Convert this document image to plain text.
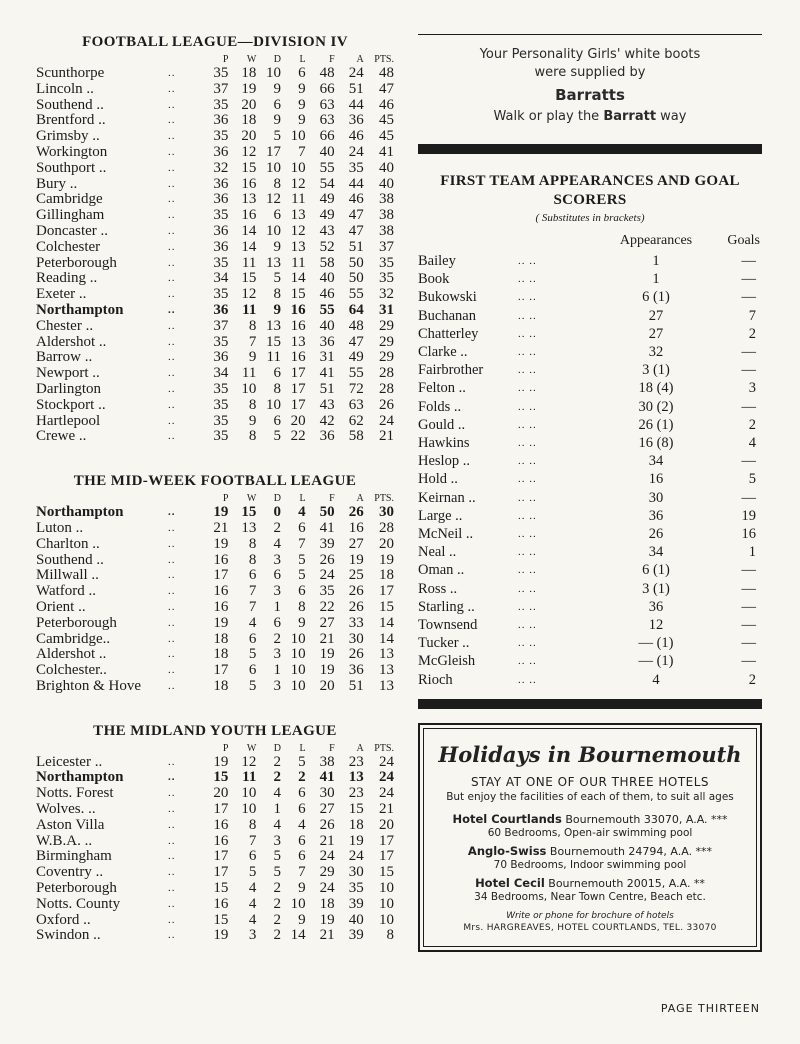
FOOTBALL LEAGUE—DIVISION IV
		P	W	D	L	F	A	PTS.
Scunthorpe	..	35	18	10	6	48	24	48
Lincoln ..	..	37	19	9	9	66	51	47
Southend ..	..	35	20	6	9	63	44	46
Brentford ..	..	36	18	9	9	63	36	45
Grimsby ..	..	35	20	5	10	66	46	45
Workington	..	36	12	17	7	40	24	41
Southport ..	..	32	15	10	10	55	35	40
Bury ..	..	36	16	8	12	54	44	40
Cambridge	..	36	13	12	11	49	46	38
Gillingham	..	35	16	6	13	49	47	38
Doncaster ..	..	36	14	10	12	43	47	38
Colchester	..	36	14	9	13	52	51	37
Peterborough	..	35	11	13	11	58	50	35
Reading ..	..	34	15	5	14	40	50	35
Exeter ..	..	35	12	8	15	46	55	32
Northampton	..	36	11	9	16	55	64	31
Chester ..	..	37	8	13	16	40	48	29
Aldershot ..	..	35	7	15	13	36	47	29
Barrow ..	..	36	9	11	16	31	49	29
Newport ..	..	34	11	6	17	41	55	28
Darlington	..	35	10	8	17	51	72	28
Stockport ..	..	35	8	10	17	43	63	26
Hartlepool	..	35	9	6	20	42	62	24
Crewe ..	..	35	8	5	22	36	58	21
THE MID-WEEK FOOTBALL LEAGUE
		P	W	D	L	F	A	PTS.
Northampton	..	19	15	0	4	50	26	30
Luton ..	..	21	13	2	6	41	16	28
Charlton ..	..	19	8	4	7	39	27	20
Southend ..	..	16	8	3	5	26	19	19
Millwall ..	..	17	6	6	5	24	25	18
Watford ..	..	16	7	3	6	35	26	17
Orient ..	..	16	7	1	8	22	26	15
Peterborough	..	19	4	6	9	27	33	14
Cambridge..	..	18	6	2	10	21	30	14
Aldershot ..	..	18	5	3	10	19	26	13
Colchester..	..	17	6	1	10	19	36	13
Brighton & Hove	..	18	5	3	10	20	51	13
THE MIDLAND YOUTH LEAGUE
		P	W	D	L	F	A	PTS.
Leicester ..	..	19	12	2	5	38	23	24
Northampton	..	15	11	2	2	41	13	24
Notts. Forest	..	20	10	4	6	30	23	24
Wolves. ..	..	17	10	1	6	27	15	21
Aston Villa	..	16	8	4	4	26	18	20
W.B.A. ..	..	16	7	3	6	21	19	17
Birmingham	..	17	6	5	6	24	24	17
Coventry ..	..	17	5	5	7	29	30	15
Peterborough	..	15	4	2	9	24	35	10
Notts. County	..	16	4	2	10	18	39	10
Oxford ..	..	15	4	2	9	19	40	10
Swindon ..	..	19	3	2	14	21	39	8
Your Personality Girls' white boots
were supplied by
Barratts
Walk or play the Barratt way
FIRST TEAM APPEARANCES AND GOAL SCORERS
( Substitutes in brackets)
		Appearances	Goals
Bailey	.. ..	1	—
Book	.. ..	1	—
Bukowski	.. ..	6 (1)	—
Buchanan	.. ..	27	7
Chatterley	.. ..	27	2
Clarke ..	.. ..	32	—
Fairbrother	.. ..	3 (1)	—
Felton ..	.. ..	18 (4)	3
Folds ..	.. ..	30 (2)	—
Gould ..	.. ..	26 (1)	2
Hawkins	.. ..	16 (8)	4
Heslop ..	.. ..	34	—
Hold ..	.. ..	16	5
Keirnan ..	.. ..	30	—
Large ..	.. ..	36	19
McNeil ..	.. ..	26	16
Neal ..	.. ..	34	1
Oman ..	.. ..	6 (1)	—
Ross ..	.. ..	3 (1)	—
Starling ..	.. ..	36	—
Townsend	.. ..	12	—
Tucker ..	.. ..	— (1)	—
McGleish	.. ..	— (1)	—
Rioch	.. ..	4	2
Holidays in Bournemouth
STAY AT ONE OF OUR THREE HOTELS
But enjoy the facilities of each of them, to suit all ages
Hotel Courtlands Bournemouth 33070, A.A. ***
60 Bedrooms, Open-air swimming pool
Anglo-Swiss Bournemouth 24794, A.A. ***
70 Bedrooms, Indoor swimming pool
Hotel Cecil Bournemouth 20015, A.A. **
34 Bedrooms, Near Town Centre, Beach etc.
Write or phone for brochure of hotels
Mrs. HARGREAVES, HOTEL COURTLANDS, TEL. 33070
PAGE THIRTEEN
